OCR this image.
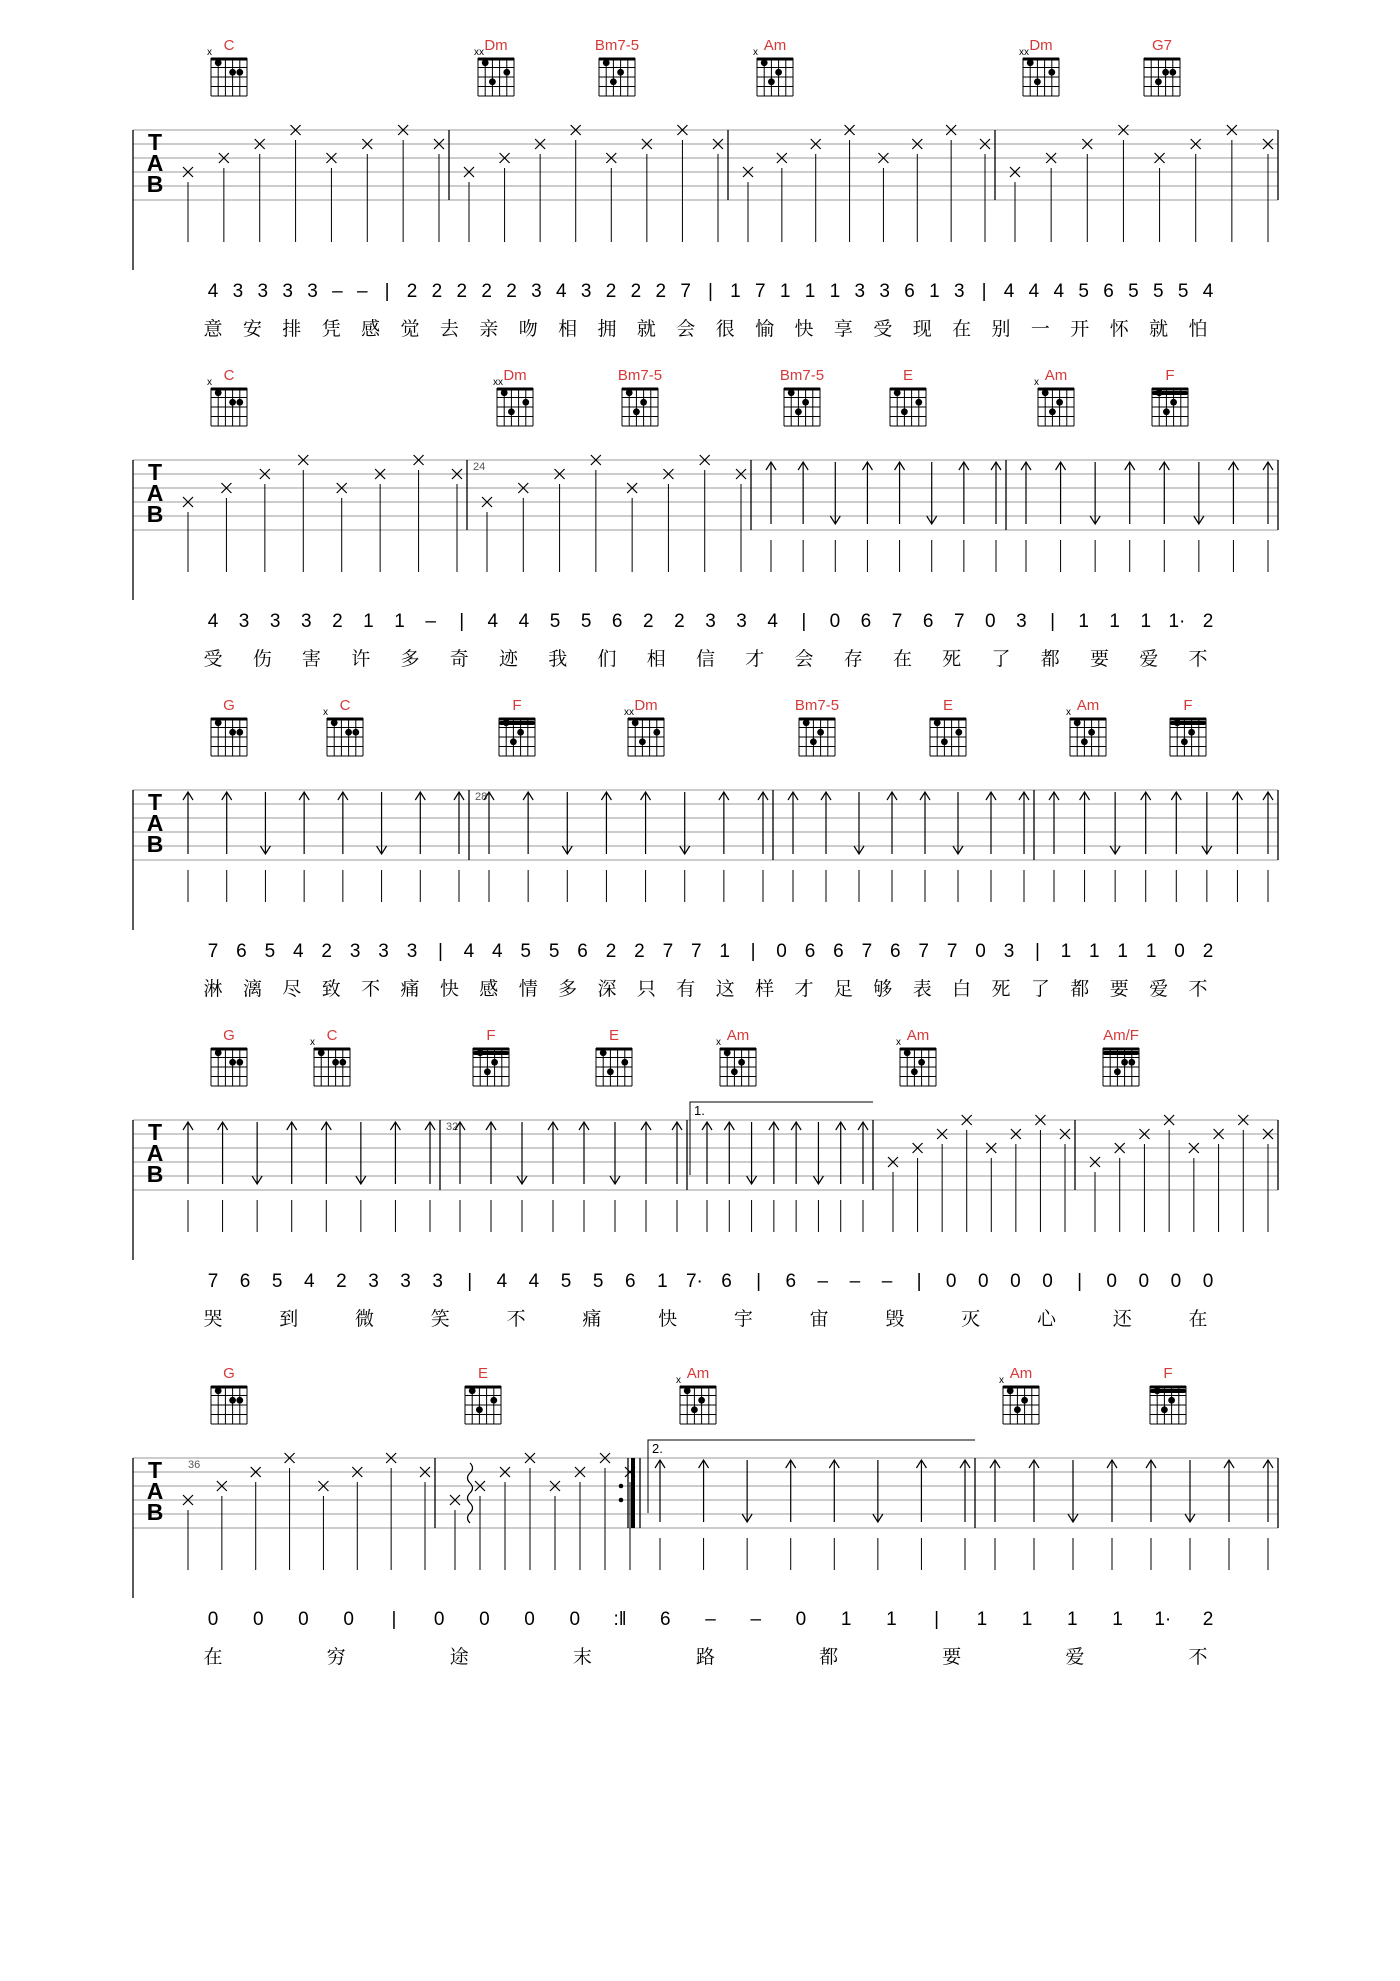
T
A
B
4 3 3 3 3 – – | 2 2 2 2 2 3 4 3 2 2 2 7 | 1 7 1 1 1 3 3 6 1 3 | 4 4 4 5 6 5 5 5 4
意 安 排 凭 感 觉 去 亲 吻 相 拥 就 会 很 愉 快 享 受 现 在 别 一 开 怀 就 怕
C
x	Dm
xx	Bm7-5	Am
x	Dm
xx	G7
T
A
B
24
4 3 3 3 2 1 1 – | 4 4 5 5 6 2 2 3 3 4 | 0 6 7 6 7 0 3 | 1 1 1 1· 2
受 伤 害 许 多 奇 迹 我 们 相 信 才 会 存 在 死 了 都 要 爱 不
C
x	Dm
xx	Bm7-5	Bm7-5	E	Am
x	F
T
A
B
28
7 6 5 4 2 3 3 3 | 4 4 5 5 6 2 2 7 7 1 | 0 6 6 7 6 7 7 0 3 | 1 1 1 1 0 2
淋 漓 尽 致 不 痛 快 感 情 多 深 只 有 这 样 才 足 够 表 白 死 了 都 要 爱 不
G	C
x	F	Dm
xx	Bm7-5	E	Am
x	F
T
A
B
32
1.
7 6 5 4 2 3 3 3 | 4 4 5 5 6 1 7· 6 | 6 – – – | 0 0 0 0 | 0 0 0 0
哭	到	微	笑	不	痛	快	宇	宙	毁	灭	心	还	在
G	C
x	F	E	Am
x	Am
x	Am/F
T
A
B
36
2.
0 0 0 0 | 0 0 0 0 :‖ 6 – – 0 1 1 | 1 1 1 1 1· 2
在	穷	途	末	路	都	要	爱	不
G	E	Am
x	Am
x	F
